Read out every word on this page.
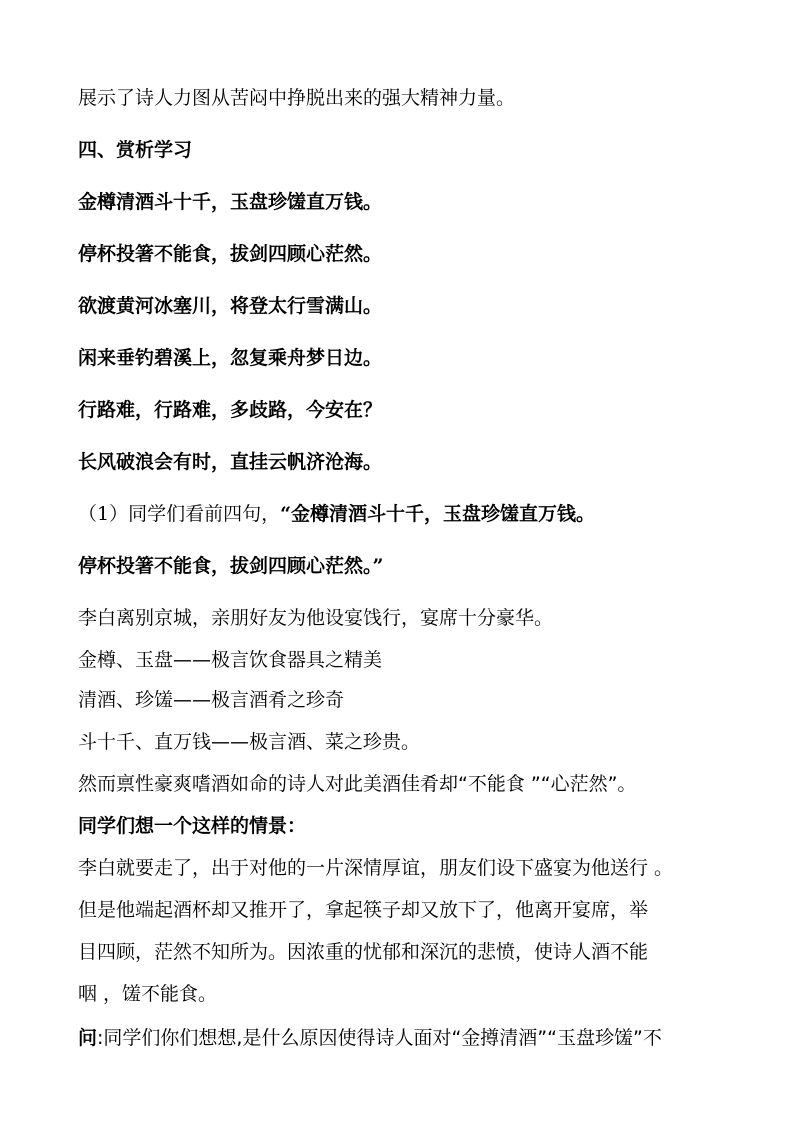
展示了诗人力图从苦闷中挣脱出来的强大精神力量。
四、赏析学习
金樽清酒斗十千，玉盘珍馐直万钱。
停杯投箸不能食，拔剑四顾心茫然。
欲渡黄河冰塞川，将登太行雪满山。
闲来垂钓碧溪上，忽复乘舟梦日边。
行路难，行路难，多歧路，今安在？
长风破浪会有时，直挂云帆济沧海。
（1）同学们看前四句，“金樽清酒斗十千，玉盘珍馐直万钱。
停杯投箸不能食，拔剑四顾心茫然。”
李白离别京城，亲朋好友为他设宴饯行，宴席十分豪华。
金樽、玉盘——极言饮食器具之精美
清酒、珍馐——极言酒肴之珍奇
斗十千、直万钱——极言酒、菜之珍贵。
然而禀性豪爽嗜酒如命的诗人对此美酒佳肴却“不能食 ”“心茫然”。
同学们想一个这样的情景：
李白就要走了，出于对他的一片深情厚谊，朋友们设下盛宴为他送行 。
但是他端起酒杯却又推开了，拿起筷子却又放下了，他离开宴席，举
目四顾，茫然不知所为。因浓重的忧郁和深沉的悲愤，使诗人酒不能
咽 ，馐不能食。
问:同学们你们想想,是什么原因使得诗人面对“金撙清酒”“玉盘珍馐”不
